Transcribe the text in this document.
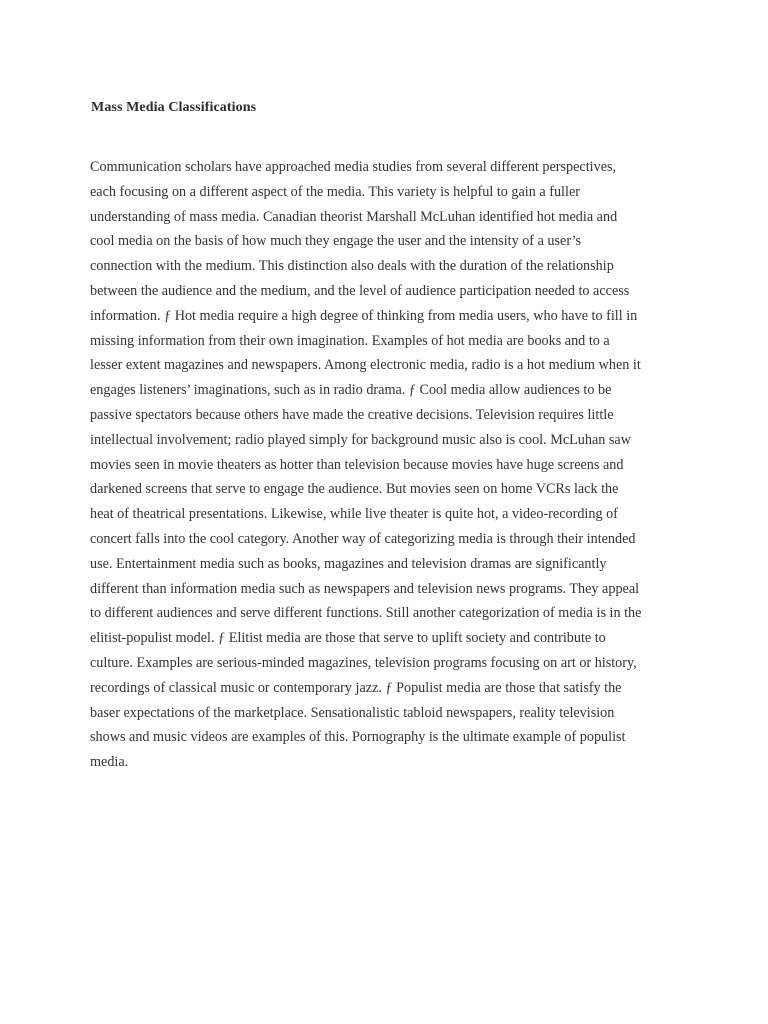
Mass Media Classifications
Communication scholars have approached media studies from several different perspectives,
each focusing on a different aspect of the media. This variety is helpful to gain a fuller
understanding of mass media. Canadian theorist Marshall McLuhan identified hot media and
cool media on the basis of how much they engage the user and the intensity of a user’s
connection with the medium. This distinction also deals with the duration of the relationship
between the audience and the medium, and the level of audience participation needed to access
information. ƒ Hot media require a high degree of thinking from media users, who have to fill in
missing information from their own imagination. Examples of hot media are books and to a
lesser extent magazines and newspapers. Among electronic media, radio is a hot medium when it
engages listeners’ imaginations, such as in radio drama. ƒ Cool media allow audiences to be
passive spectators because others have made the creative decisions. Television requires little
intellectual involvement; radio played simply for background music also is cool. McLuhan saw
movies seen in movie theaters as hotter than television because movies have huge screens and
darkened screens that serve to engage the audience. But movies seen on home VCRs lack the
heat of theatrical presentations. Likewise, while live theater is quite hot, a video-recording of
concert falls into the cool category. Another way of categorizing media is through their intended
use. Entertainment media such as books, magazines and television dramas are significantly
different than information media such as newspapers and television news programs. They appeal
to different audiences and serve different functions. Still another categorization of media is in the
elitist-populist model. ƒ Elitist media are those that serve to uplift society and contribute to
culture. Examples are serious-minded magazines, television programs focusing on art or history,
recordings of classical music or contemporary jazz. ƒ Populist media are those that satisfy the
baser expectations of the marketplace. Sensationalistic tabloid newspapers, reality television
shows and music videos are examples of this. Pornography is the ultimate example of populist
media.
